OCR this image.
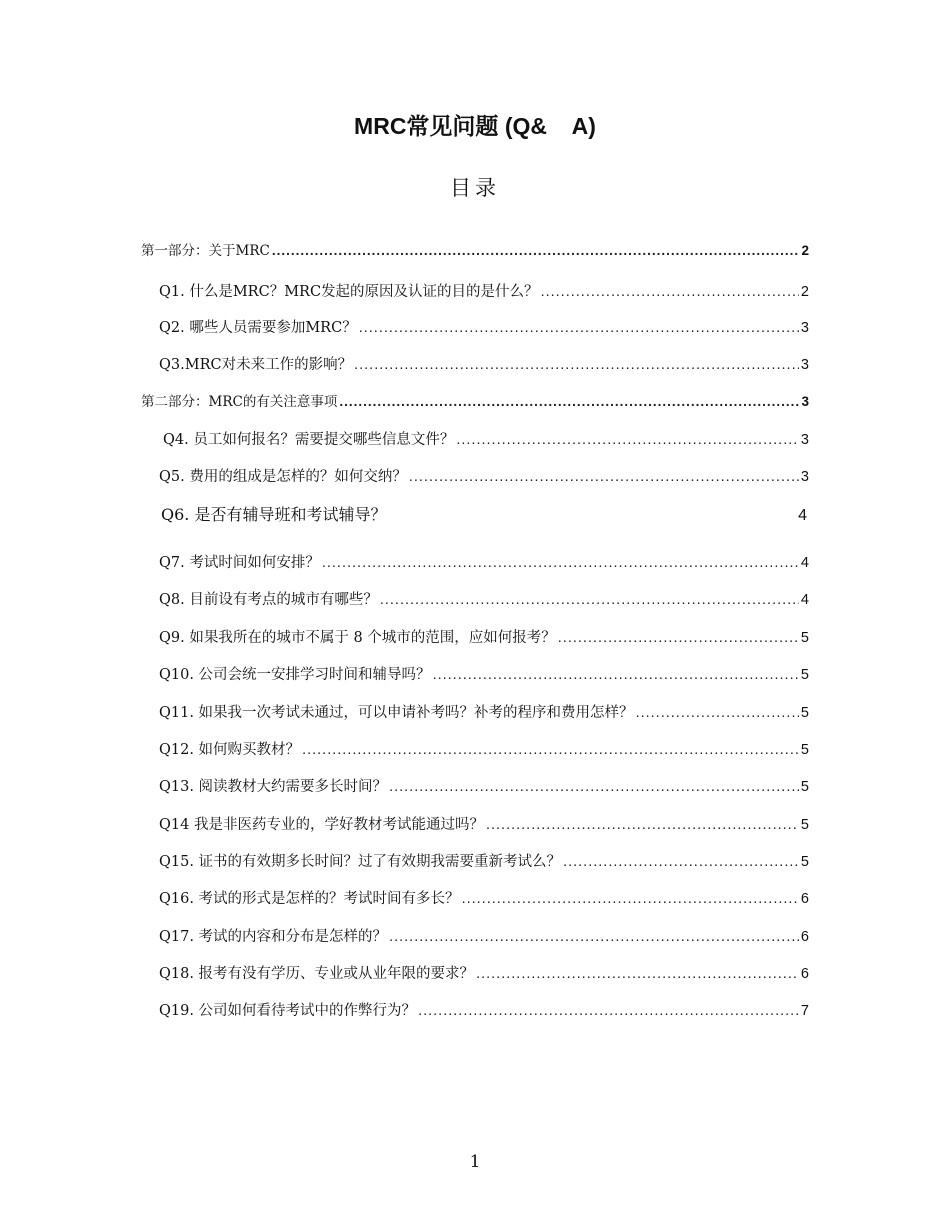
MRC常见问题 (Q&    A)
目录
第一部分：关于MRC .....	2
Q1. 什么是MRC？MRC发起的原因及认证的目的是什么？ .....	2
Q2. 哪些人员需要参加MRC？ .....	3
Q3.MRC对未来工作的影响？ .....	3
第二部分：MRC的有关注意事项 .....	3
Q4. 员工如何报名？需要提交哪些信息文件？ .....	3
Q5. 费用的组成是怎样的？如何交纳？ .....	3
Q6. 是否有辅导班和考试辅导？	4
Q7. 考试时间如何安排？ .....	4
Q8. 目前设有考点的城市有哪些？ .....	4
Q9. 如果我所在的城市不属于 8 个城市的范围，应如何报考？ .....	5
Q10. 公司会统一安排学习时间和辅导吗？ .....	5
Q11. 如果我一次考试未通过，可以申请补考吗？补考的程序和费用怎样？ .....	5
Q12. 如何购买教材？ .....	5
Q13. 阅读教材大约需要多长时间？ .....	5
Q14 我是非医药专业的，学好教材考试能通过吗？ .....	5
Q15. 证书的有效期多长时间？过了有效期我需要重新考试么？ .....	5
Q16. 考试的形式是怎样的？考试时间有多长？ .....	6
Q17. 考试的内容和分布是怎样的？ .....	6
Q18. 报考有没有学历、专业或从业年限的要求？ .....	6
Q19. 公司如何看待考试中的作弊行为？ .....	7
1
